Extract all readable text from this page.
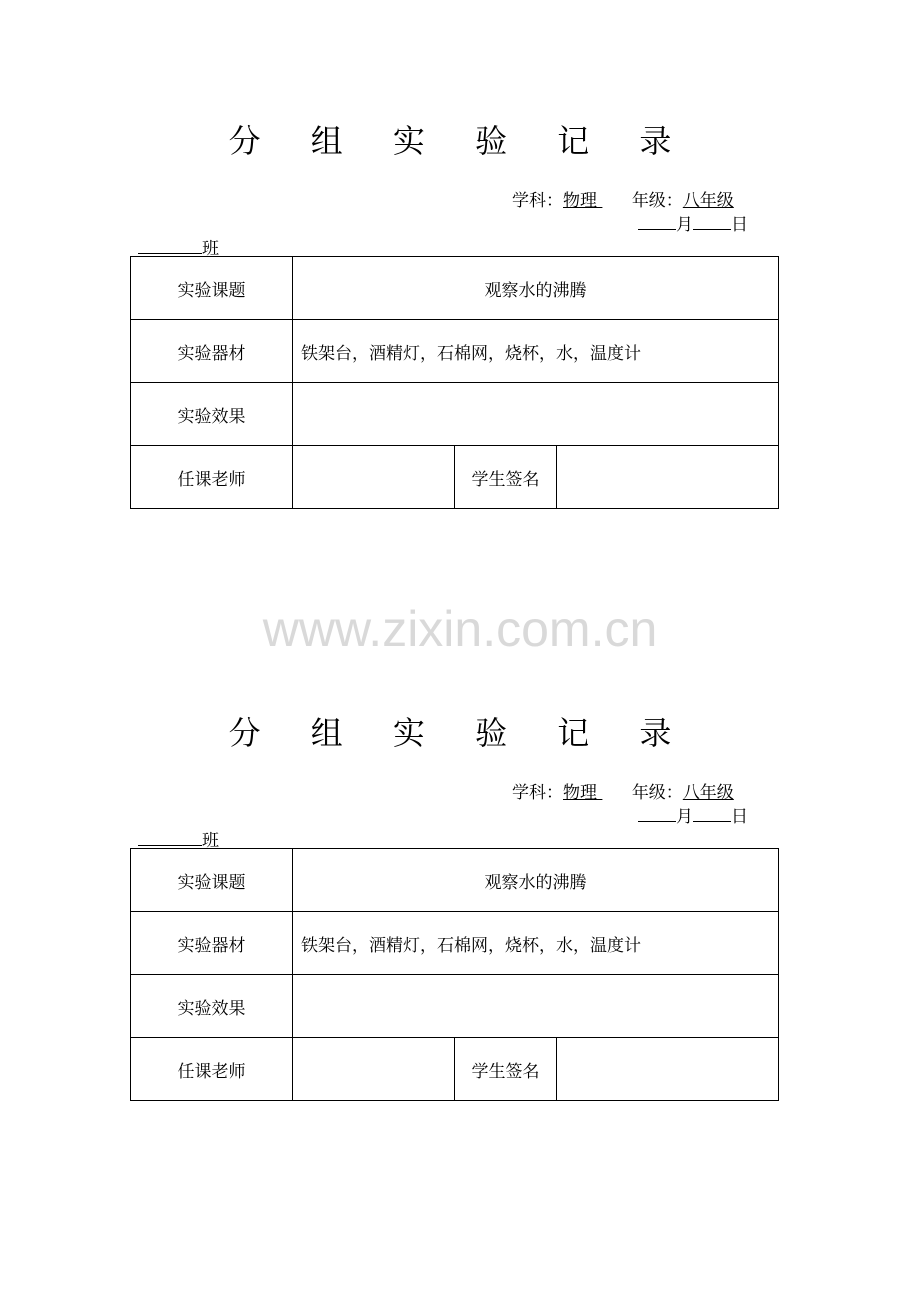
分 组 实 验 记 录
学科：物理  年级：八年级
月 日
班
实验课题	观察水的沸腾		
实验器材	铁架台，酒精灯，石棉网，烧杯，水，温度计		
实验效果			
任课老师		学生签名	
www.zixin.com.cn
分 组 实 验 记 录
学科：物理  年级：八年级
月 日
班
实验课题	观察水的沸腾		
实验器材	铁架台，酒精灯，石棉网，烧杯，水，温度计		
实验效果			
任课老师		学生签名	
